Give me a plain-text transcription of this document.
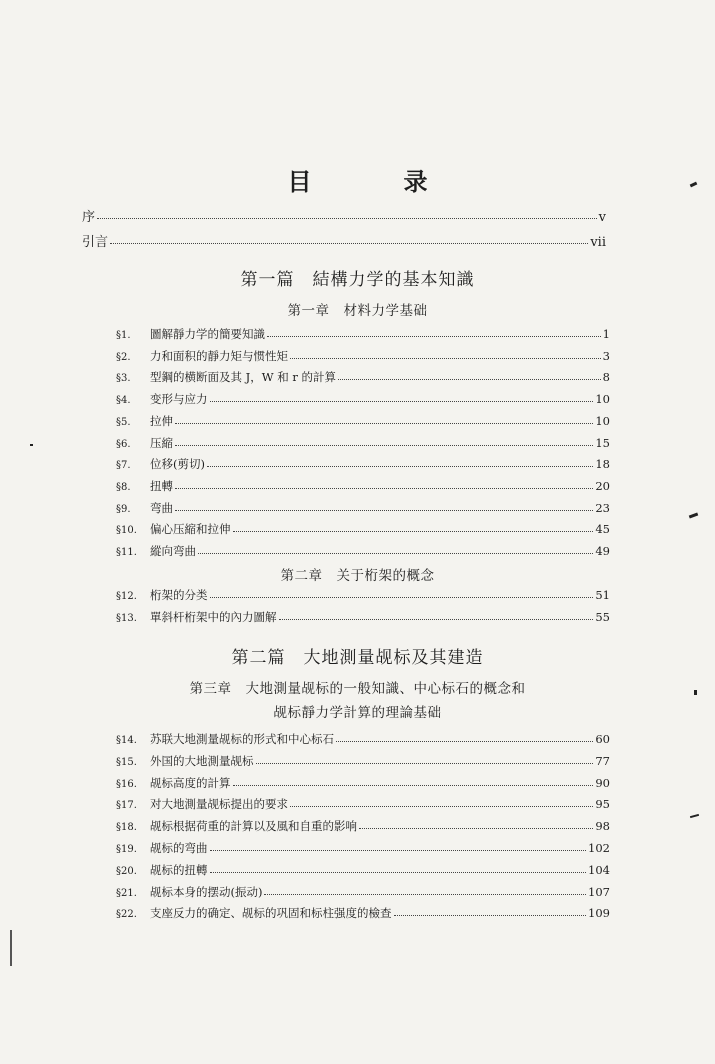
目　录
序	v
引言	vii
第一篇　結構力学的基本知識
第一章　材料力学基础
§1.	圖解靜力学的簡要知識	1
§2.	力和面积的靜力矩与惯性矩	3
§3.	型鋼的横断面及其 J，W 和 r 的計算	8
§4.	变形与应力	10
§5.	拉伸	10
§6.	压縮	15
§7.	位移(剪切)	18
§8.	扭轉	20
§9.	弯曲	23
§10.	偏心压縮和拉伸	45
§11.	縱向弯曲	49
第二章　关于桁架的概念
§12.	桁架的分类	51
§13.	單斜杆桁架中的內力圖解	55
第二篇　大地測量觇标及其建造
第三章　大地測量觇标的一般知識、中心标石的概念和
觇标靜力学計算的理論基础
§14.	苏联大地測量觇标的形式和中心标石	60
§15.	外国的大地測量觇标	77
§16.	觇标高度的計算	90
§17.	对大地測量觇标提出的要求	95
§18.	觇标根据荷重的計算以及風和自重的影响	98
§19.	觇标的弯曲	102
§20.	觇标的扭轉	104
§21.	觇标本身的摆动(振动)	107
§22.	支座反力的确定、觇标的巩固和标柱强度的檢查	109
